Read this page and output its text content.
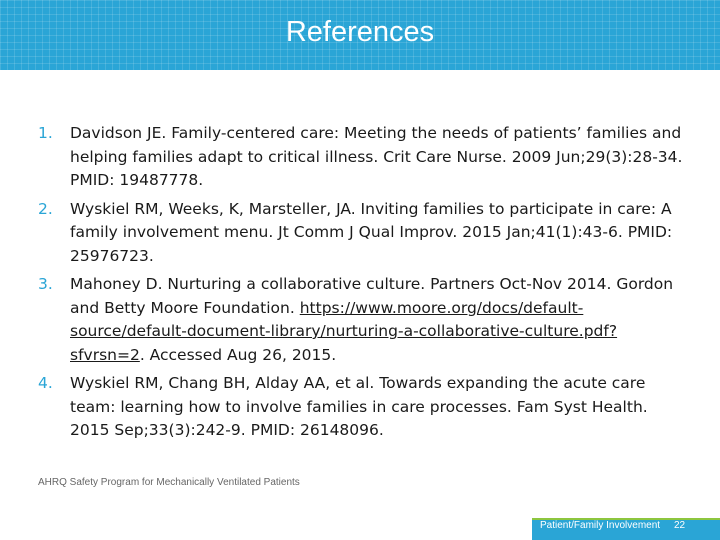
References
1. Davidson JE. Family-centered care: Meeting the needs of patients’ families and helping families adapt to critical illness. Crit Care Nurse. 2009 Jun;29(3):28-34. PMID: 19487778.
2. Wyskiel RM, Weeks, K, Marsteller, JA. Inviting families to participate in care: A family involvement menu. Jt Comm J Qual Improv. 2015 Jan;41(1):43-6. PMID: 25976723.
3. Mahoney D. Nurturing a collaborative culture. Partners Oct-Nov 2014. Gordon and Betty Moore Foundation. https://www.moore.org/docs/default-source/default-document-library/nurturing-a-collaborative-culture.pdf?sfvrsn=2. Accessed Aug 26, 2015.
4. Wyskiel RM, Chang BH, Alday AA, et al. Towards expanding the acute care team: learning how to involve families in care processes. Fam Syst Health. 2015 Sep;33(3):242-9. PMID: 26148096.
AHRQ Safety Program for Mechanically Ventilated Patients
Patient/Family Involvement 22
